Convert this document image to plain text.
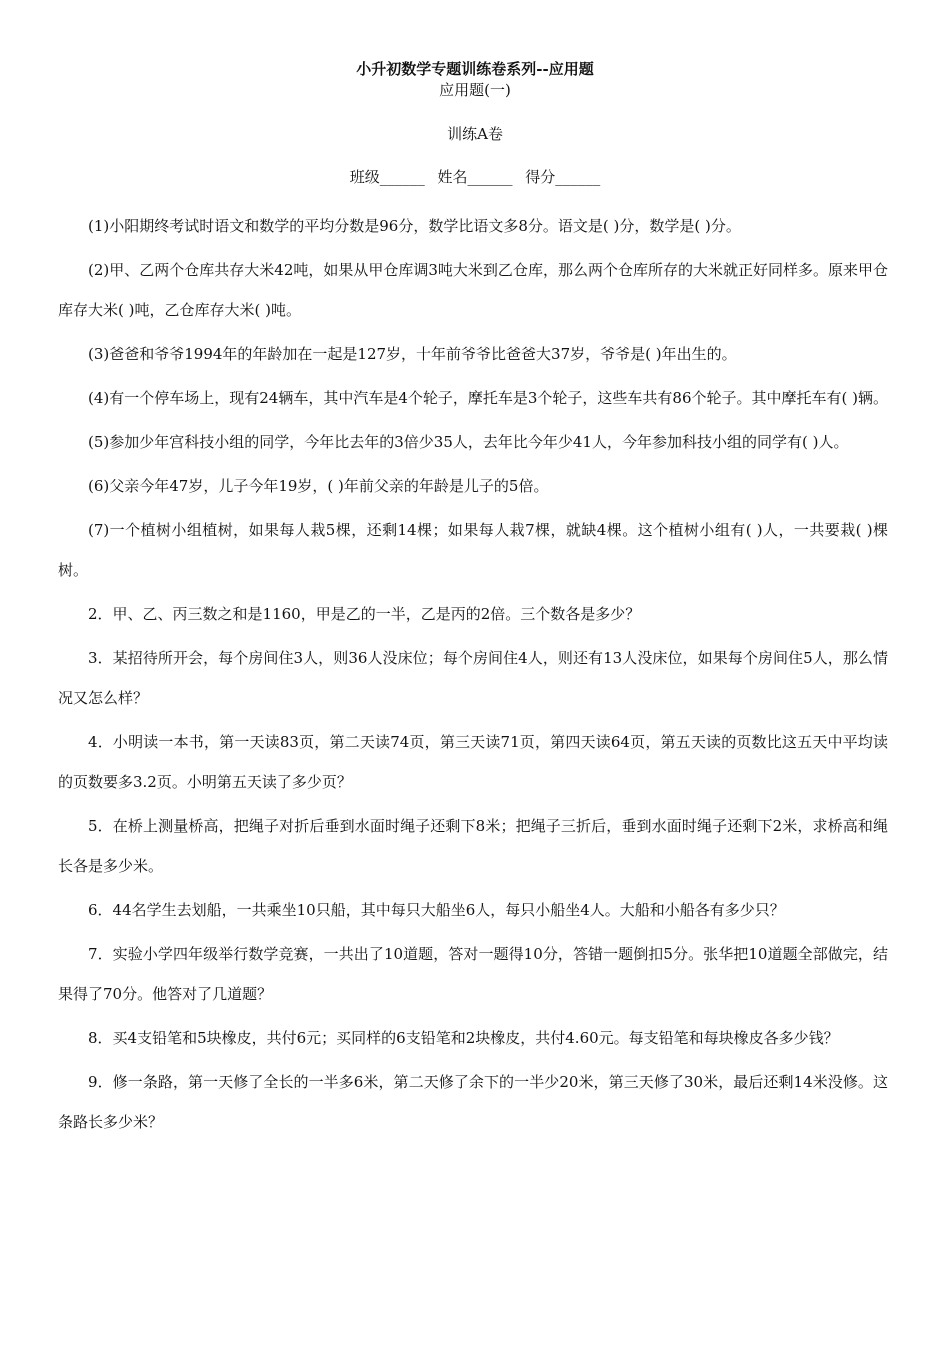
小升初数学专题训练卷系列--应用题
应用题(一)
训练A卷
班级______ 姓名______ 得分______

(1)小阳期终考试时语文和数学的平均分数是96分，数学比语文多8分。语文是( )分，数学是( )分。

(2)甲、乙两个仓库共存大米42吨，如果从甲仓库调3吨大米到乙仓库，那么两个仓库所存的大米就正好同样多。原来甲仓库存大米( )吨，乙仓库存大米( )吨。

(3)爸爸和爷爷1994年的年龄加在一起是127岁，十年前爷爷比爸爸大37岁，爷爷是( )年出生的。

(4)有一个停车场上，现有24辆车，其中汽车是4个轮子，摩托车是3个轮子，这些车共有86个轮子。其中摩托车有( )辆。

(5)参加少年宫科技小组的同学，今年比去年的3倍少35人，去年比今年少41人，今年参加科技小组的同学有( )人。

(6)父亲今年47岁，儿子今年19岁，( )年前父亲的年龄是儿子的5倍。

(7)一个植树小组植树，如果每人栽5棵，还剩14棵；如果每人栽7棵，就缺4棵。这个植树小组有( )人，一共要栽( )棵树。

2．甲、乙、丙三数之和是1160，甲是乙的一半，乙是丙的2倍。三个数各是多少？

3．某招待所开会，每个房间住3人，则36人没床位；每个房间住4人，则还有13人没床位，如果每个房间住5人，那么情况又怎么样？

4．小明读一本书，第一天读83页，第二天读74页，第三天读71页，第四天读64页，第五天读的页数比这五天中平均读的页数要多3.2页。小明第五天读了多少页？

5．在桥上测量桥高，把绳子对折后垂到水面时绳子还剩下8米；把绳子三折后，垂到水面时绳子还剩下2米，求桥高和绳长各是多少米。

6．44名学生去划船，一共乘坐10只船，其中每只大船坐6人，每只小船坐4人。大船和小船各有多少只？

7．实验小学四年级举行数学竞赛，一共出了10道题，答对一题得10分，答错一题倒扣5分。张华把10道题全部做完，结果得了70分。他答对了几道题？

8．买4支铅笔和5块橡皮，共付6元；买同样的6支铅笔和2块橡皮，共付4.60元。每支铅笔和每块橡皮各多少钱？

9．修一条路，第一天修了全长的一半多6米，第二天修了余下的一半少20米，第三天修了30米，最后还剩14米没修。这条路长多少米？
